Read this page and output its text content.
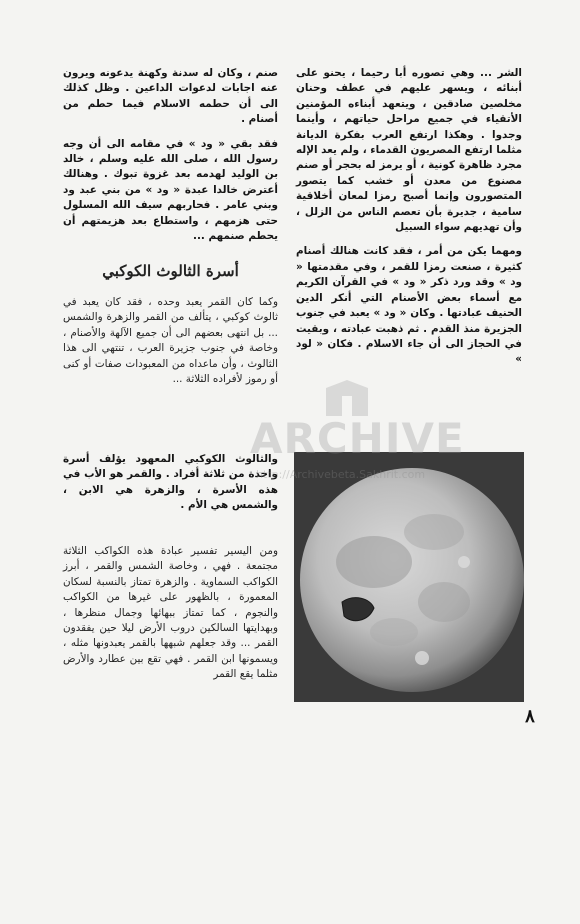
الشر ... وهي تصوره أبا رحيما ، يحنو على أبنائه ، ويسهر عليهم في عطف وحنان مخلصين صادقين ، ويتعهد أبناءه المؤمنين الأتقياء في جميع مراحل حياتهم ، وأينما وجدوا . وهكذا ارتفع العرب بفكرة الديانة مثلما ارتفع المصريون القدماء ، ولم يعد الإله مجرد ظاهرة كونية ، أو يرمز له بحجر أو صنم مصنوع من معدن أو خشب كما يتصور المتصورون وإنما أصبح رمزا لمعان أخلاقية سامية ، جديرة بأن تعصم الناس من الزلل ، وأن تهديهم سواء السبيل

ومهما يكن من أمر ، فقد كانت هنالك أصنام كثيرة ، صنعت رمزا للقمر ، وفي مقدمتها « ود » وقد ورد ذكر « ود » في القرآن الكريم مع أسماء بعض الأصنام التي أنكر الدين الحنيف عبادتها . وكان « ود » يعبد في جنوب الجزيرة منذ القدم . ثم ذهبت عبادته ، وبقيت في الحجاز الى أن جاء الاسلام . فكان « لود »

صنم ، وكان له سدنة وكهنة يدعونه ويرون عنه اجابات لدعوات الداعين . وظل كذلك الى أن حطمه الاسلام فيما حطم من أصنام .

فقد بقي « ود » في مقامه الى أن وجه رسول الله ، صلى الله عليه وسلم ، خالد بن الوليد لهدمه بعد غزوة تبوك . وهنالك أعترض خالدا عبدة « ود » من بني عبد ود وبني عامر . فحاربهم سيف الله المسلول حتى هزمهم ، واستطاع بعد هزيمتهم أن يحطم صنمهم ...

أسرة الثالوث الكوكبي

وكما كان القمر يعبد وحده ، فقد كان يعبد في ثالوث كوكبي ، يتألف من القمر والزهرة والشمس ... بل انتهى بعضهم الى أن جميع الآلهة والأصنام ، وخاصة في جنوب جزيرة العرب ، تنتهي الى هذا الثالوث ، وأن ماعداه من المعبودات صفات أو كنى أو رموز لأفراده الثلاثة ...

والثالوث الكوكبي المعهود يؤلف أسرة واحدة من ثلاثة أفراد . والقمر هو الأب في هذه الأسرة ، والزهرة هي الابن ، والشمس هي الأم .

ومن اليسير تفسير عبادة هذه الكواكب الثلاثة مجتمعة . فهي ، وخاصة الشمس والقمر ، أبرز الكواكب السماوية . والزهرة تمتاز بالنسبة لسكان المعمورة ، بالظهور على غيرها من الكواكب والنجوم ، كما تمتاز ببهائها وجمال منظرها ، وبهدايتها السالكين دروب الأرض ليلا حين يفقدون القمر ... وقد جعلهم شبهها بالقمر يعبدونها مثله ، ويسمونها ابن القمر . فهي تقع بين عطارد والأرض مثلما يقع القمر

ARCHIVE
http://Archivebeta.Sakhrit.com
٨
